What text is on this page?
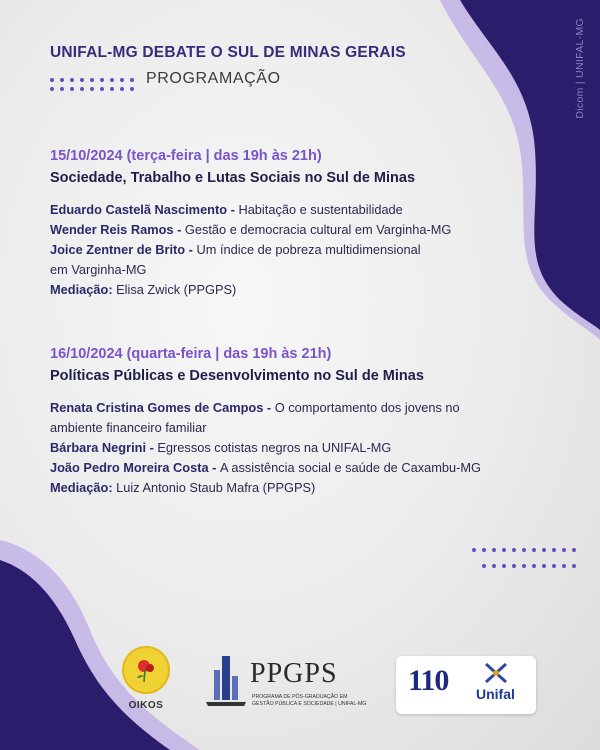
UNIFAL-MG DEBATE O SUL DE MINAS GERAIS
PROGRAMAÇÃO	Dicom | UNIFAL-MG
15/10/2024 (terça-feira | das 19h às 21h)
Sociedade, Trabalho e Lutas Sociais no Sul de Minas
Eduardo Castelã Nascimento - Habitação e sustentabilidade
Wender Reis Ramos - Gestão e democracia cultural em Varginha-MG
Joice Zentner de Brito - Um índice de pobreza multidimensional
em Varginha-MG
Mediação: Elisa Zwick (PPGPS)
16/10/2024 (quarta-feira | das 19h às 21h)
Políticas Públicas e Desenvolvimento no Sul de Minas
Renata Cristina Gomes de Campos - O comportamento dos jovens no
ambiente financeiro familiar
Bárbara Negrini - Egressos cotistas negros na UNIFAL-MG
João Pedro Moreira Costa - A assistência social e saúde de Caxambu-MG
Mediação: Luiz Antonio Staub Mafra (PPGPS)
OIKOS
PPGPS
PROGRAMA DE PÓS-GRADUAÇÃO EM GESTÃO PÚBLICA E SOCIEDADE | UNIFAL-MG
110 Unifal
